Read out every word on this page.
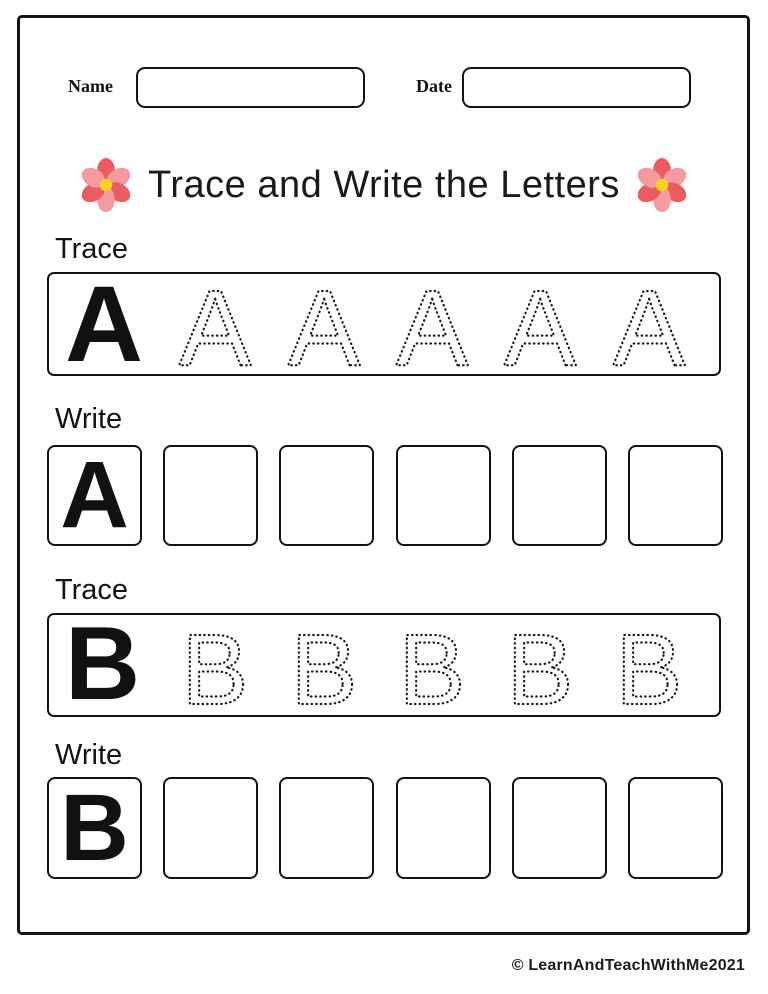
Name	Date
Trace and Write the Letters
Trace
A A A A A A
Write
A
Trace
B B B B B B
Write
B
© LearnAndTeachWithMe2021
